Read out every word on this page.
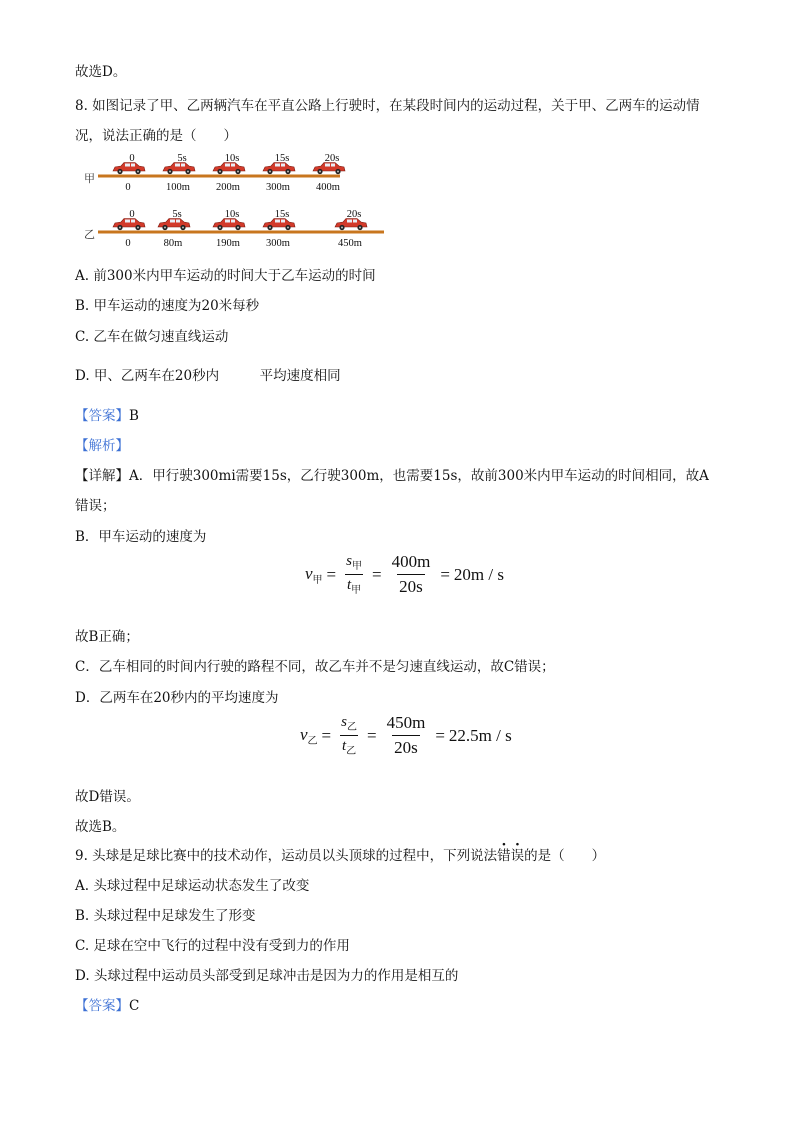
故选D。
8. 如图记录了甲、乙两辆汽车在平直公路上行驶时，在某段时间内的运动过程，关于甲、乙两车的运动情
况，说法正确的是（　　）
甲
0
0
5s
100m
10s
200m
15s
300m
20s
400m
乙
0
0
5s
80m
10s
190m
15s
300m
20s
450m
A. 前300米内甲车运动的时间大于乙车运动的时间
B. 甲车运动的速度为20米每秒
C. 乙车在做匀速直线运动
D. 甲、乙两车在20秒内　　　平均速度相同
【答案】B
【解析】
【详解】A．甲行驶300mi需要15s，乙行驶300m，也需要15s，故前300米内甲车运动的时间相同，故A
错误；
B．甲车运动的速度为
$v_甲 = \frac{s_甲}{t_甲} = \frac{400m}{20s} = 20m / s$
故B正确；
C．乙车相同的时间内行驶的路程不同，故乙车并不是匀速直线运动，故C错误；
D．乙两车在20秒内的平均速度为
$v_乙 = \frac{s_乙}{t_乙} = \frac{450m}{20s} = 22.5m / s$
故D错误。
故选B。
9. 头球是足球比赛中的技术动作，运动员以头顶球的过程中，下列说法错误的是（　　）
A. 头球过程中足球运动状态发生了改变
B. 头球过程中足球发生了形变
C. 足球在空中飞行的过程中没有受到力的作用
D. 头球过程中运动员头部受到足球冲击是因为力的作用是相互的
【答案】C
